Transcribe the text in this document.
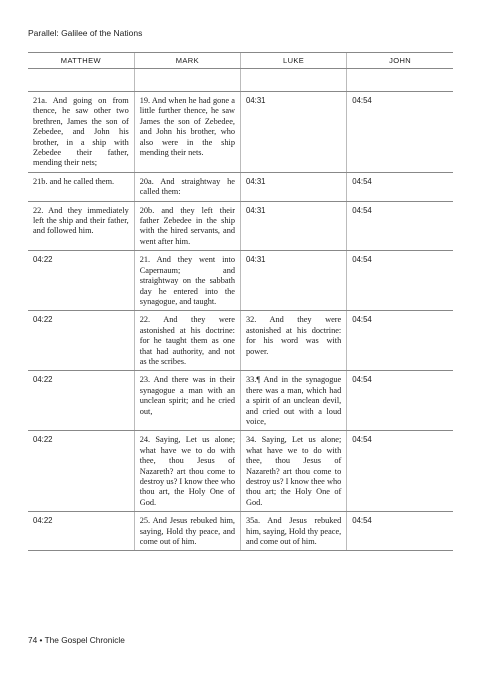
Parallel: Galilee of the Nations
MATTHEW	MARK	LUKE	JOHN

21a. And going on from thence, he saw other two brethren, James the son of Zebedee, and John his brother, in a ship with Zebedee their father, mending their nets;	19. And when he had gone a little further thence, he saw James the son of Zebedee, and John his brother, who also were in the ship mending their nets.	04:31	04:54
21b. and he called them.	20a. And straightway he called them:	04:31	04:54
22. And they immediately left the ship and their father, and followed him.	20b. and they left their father Zebedee in the ship with the hired servants, and went after him.	04:31	04:54
04:22	21. And they went into Capernaum; and straightway on the sabbath day he entered into the synagogue, and taught.	04:31	04:54
04:22	22. And they were astonished at his doctrine: for he taught them as one that had authority, and not as the scribes.	32. And they were astonished at his doctrine: for his word was with power.	04:54
04:22	23. And there was in their synagogue a man with an unclean spirit; and he cried out,	33.¶ And in the synagogue there was a man, which had a spirit of an unclean devil, and cried out with a loud voice,	04:54
04:22	24. Saying, Let us alone; what have we to do with thee, thou Jesus of Nazareth? art thou come to destroy us? I know thee who thou art, the Holy One of God.	34. Saying, Let us alone; what have we to do with thee, thou Jesus of Nazareth? art thou come to destroy us? I know thee who thou art; the Holy One of God.	04:54
04:22	25. And Jesus rebuked him, saying, Hold thy peace, and come out of him.	35a. And Jesus rebuked him, saying, Hold thy peace, and come out of him.	04:54
74 • The Gospel Chronicle
